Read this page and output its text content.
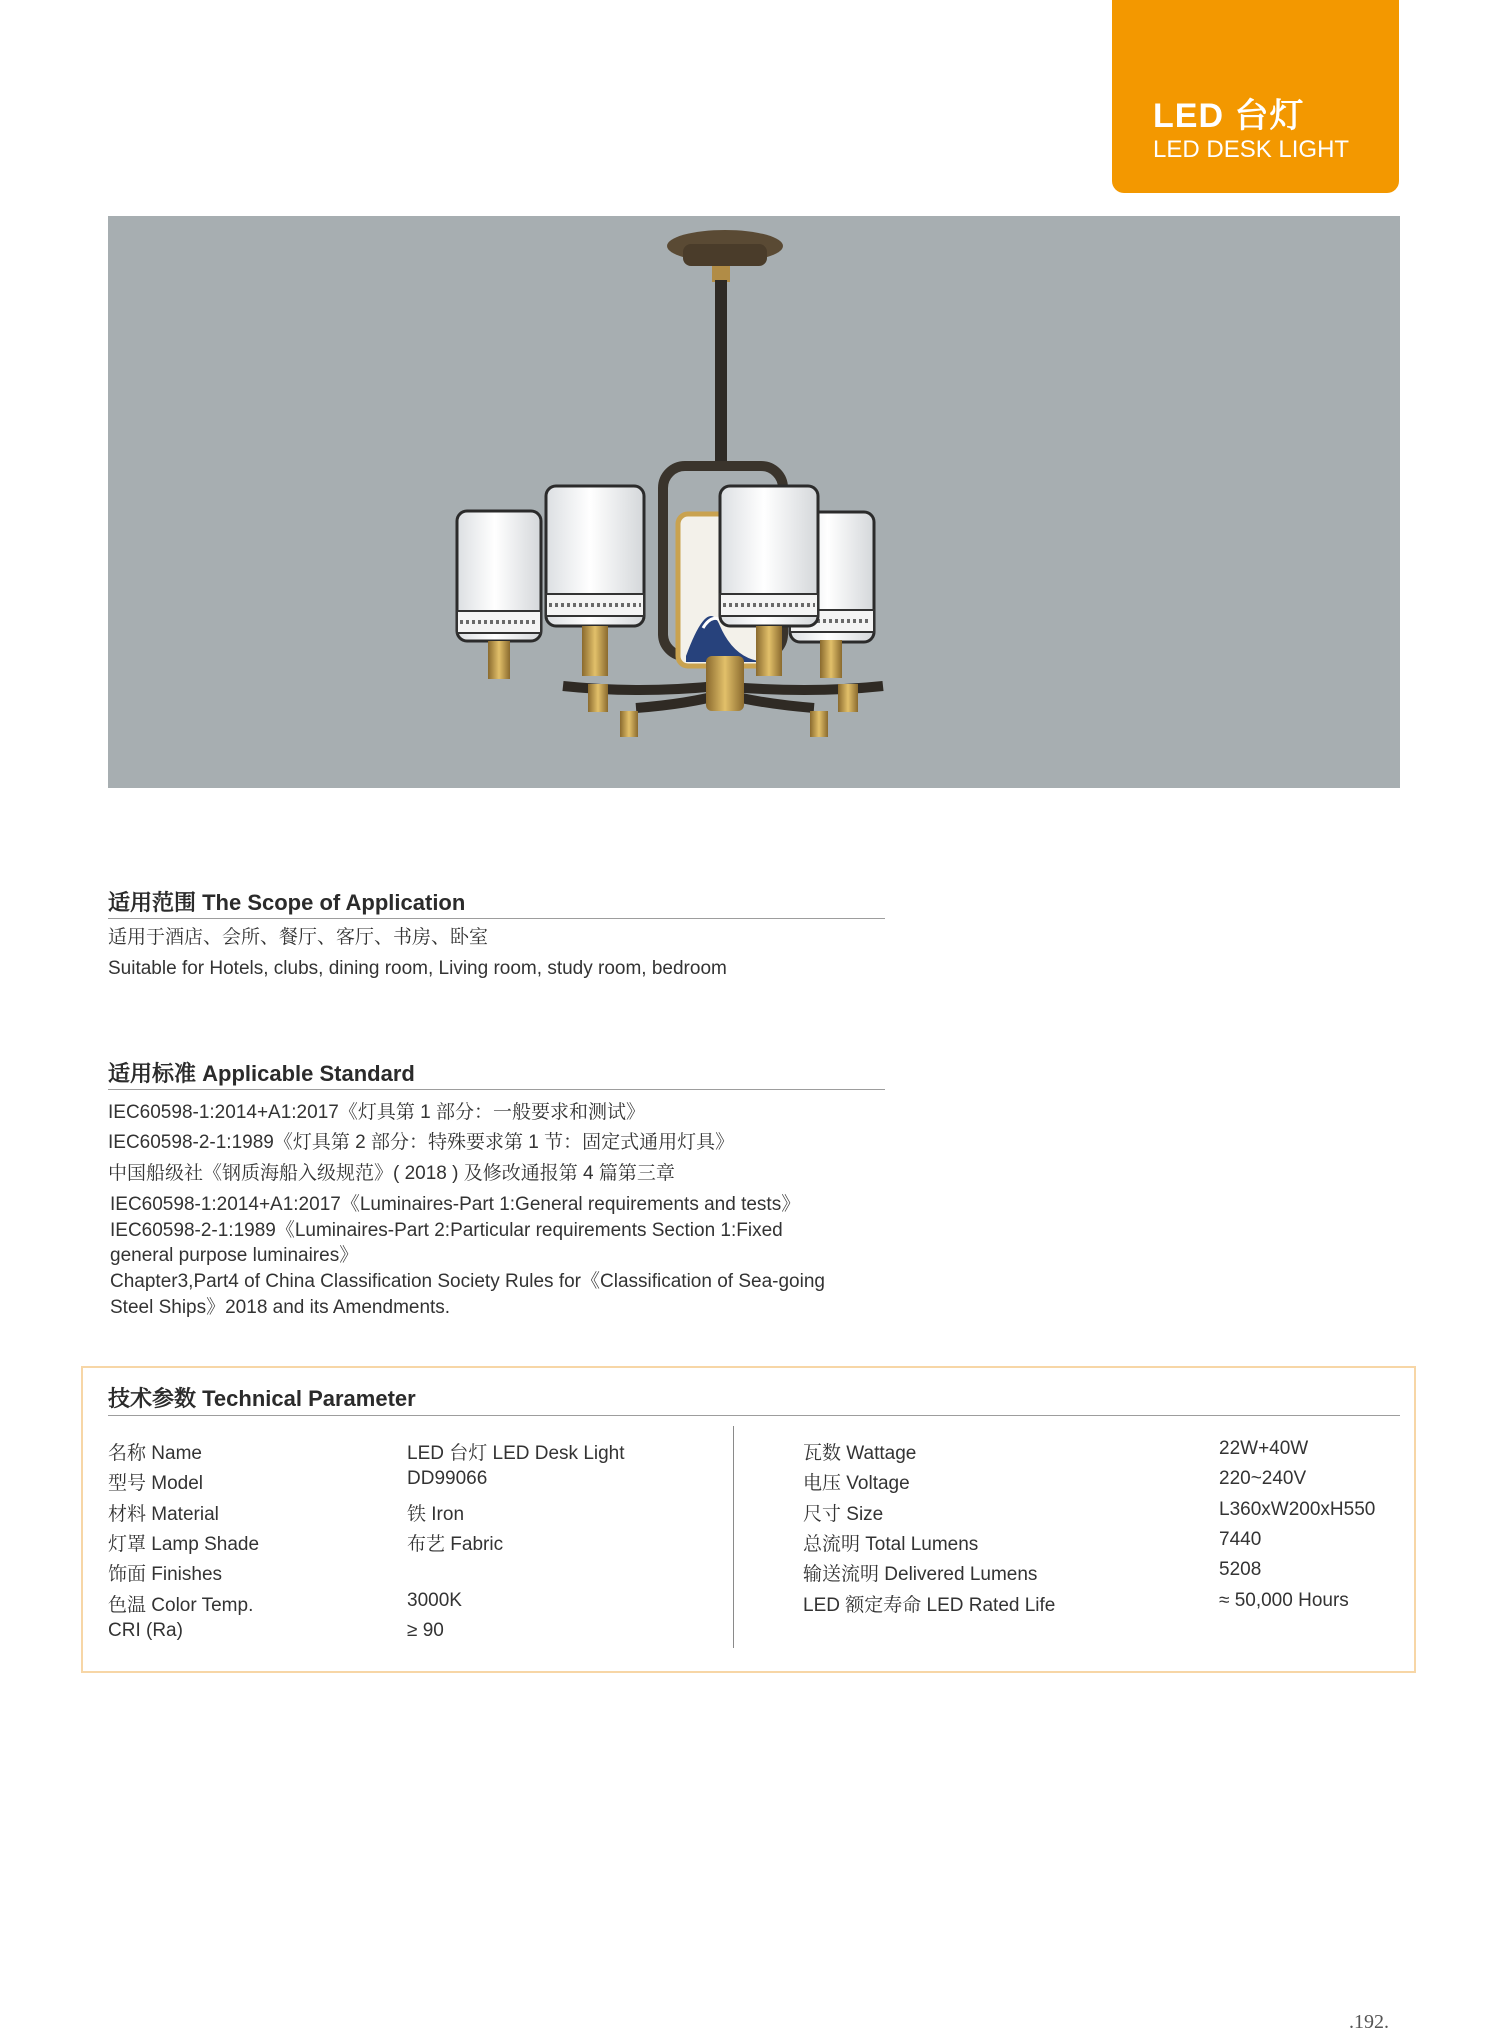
LED 台灯
LED DESK LIGHT
适用范围 The Scope of Application
适用于酒店、会所、餐厅、客厅、书房、卧室
Suitable for Hotels, clubs, dining room, Living room, study room, bedroom
适用标准 Applicable Standard
IEC60598-1:2014+A1:2017《灯具第 1 部分：一般要求和测试》
IEC60598-2-1:1989《灯具第 2 部分：特殊要求第 1 节：固定式通用灯具》
中国船级社《钢质海船入级规范》( 2018 ) 及修改通报第 4 篇第三章
IEC60598-1:2014+A1:2017《Luminaires-Part 1:General requirements and tests》
IEC60598-2-1:1989《Luminaires-Part 2:Particular requirements Section 1:Fixed
general purpose luminaires》
Chapter3,Part4 of China Classification Society Rules for《Classification of Sea-going
Steel Ships》2018 and its Amendments.
技术参数 Technical Parameter
名称 Name	LED 台灯 LED Desk Light
型号 Model	DD99066
材料 Material	铁 Iron
灯罩 Lamp Shade	布艺 Fabric
饰面 Finishes
色温 Color Temp.	3000K
CRI (Ra)	≥ 90
瓦数 Wattage	22W+40W
电压 Voltage	220~240V
尺寸 Size	L360xW200xH550
总流明 Total Lumens	7440
输送流明 Delivered Lumens	5208
LED 额定寿命 LED Rated Life	≈ 50,000 Hours
.192.
